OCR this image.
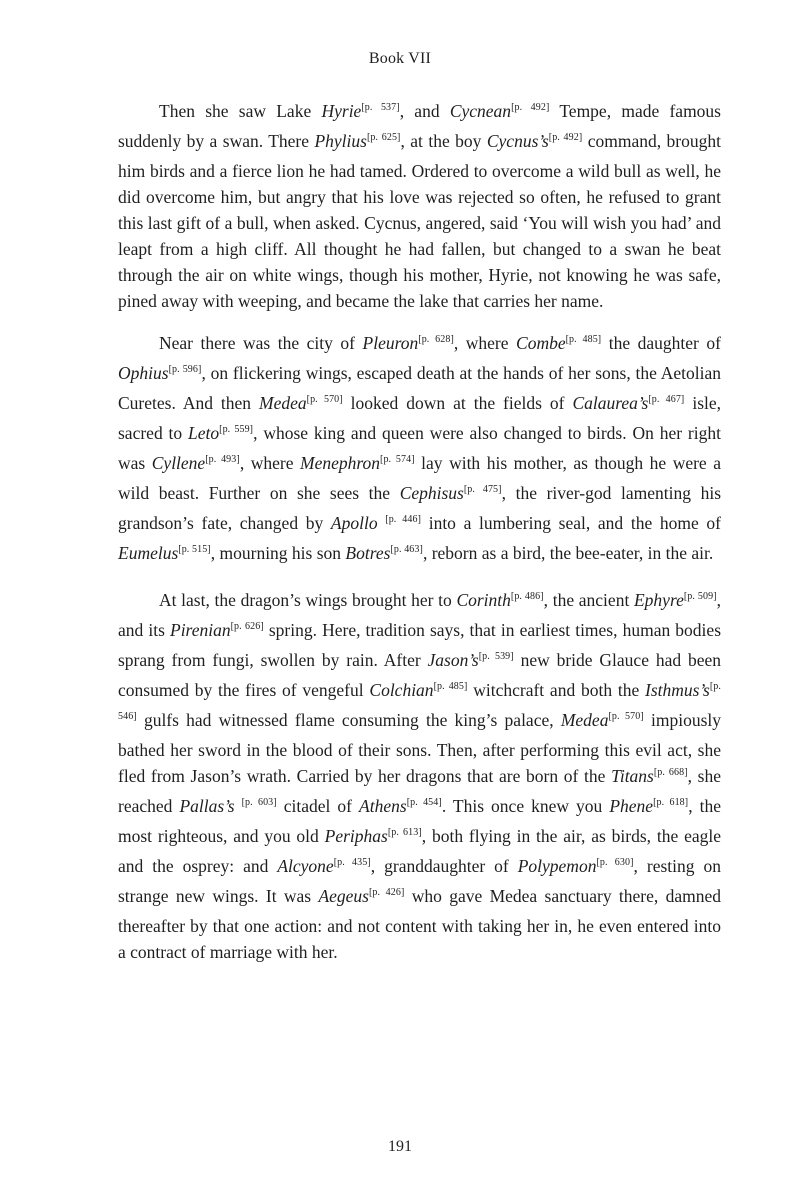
Book VII

Then she saw Lake Hyrie[p. 537], and Cycnean[p. 492] Tempe, made famous suddenly by a swan. There Phylius[p. 625], at the boy Cycnus’s[p. 492] command, brought him birds and a fierce lion he had tamed. Ordered to overcome a wild bull as well, he did overcome him, but angry that his love was rejected so often, he refused to grant this last gift of a bull, when asked. Cycnus, angered, said ‘You will wish you had’ and leapt from a high cliff. All thought he had fallen, but changed to a swan he beat through the air on white wings, though his mother, Hyrie, not knowing he was safe, pined away with weeping, and became the lake that carries her name.

Near there was the city of Pleuron[p. 628], where Combe[p. 485] the daughter of Ophius[p. 596], on flickering wings, escaped death at the hands of her sons, the Aetolian Curetes. And then Medea[p. 570] looked down at the fields of Calaurea’s[p. 467] isle, sacred to Leto[p. 559], whose king and queen were also changed to birds. On her right was Cyllene[p. 493], where Menephron[p. 574] lay with his mother, as though he were a wild beast. Further on she sees the Cephisus[p. 475], the river-god lamenting his grandson’s fate, changed by Apollo [p. 446] into a lumbering seal, and the home of Eumelus[p. 515], mourning his son Botres[p. 463], reborn as a bird, the bee-eater, in the air.

At last, the dragon’s wings brought her to Corinth[p. 486], the ancient Ephyre[p. 509], and its Pirenian[p. 626] spring. Here, tradition says, that in earliest times, human bodies sprang from fungi, swollen by rain. After Jason’s[p. 539] new bride Glauce had been consumed by the fires of vengeful Colchian[p. 485] witchcraft and both the Isthmus’s[p. 546] gulfs had witnessed flame consuming the king’s palace, Medea[p. 570] impiously bathed her sword in the blood of their sons. Then, after performing this evil act, she fled from Jason’s wrath. Carried by her dragons that are born of the Titans[p. 668], she reached Pallas’s [p. 603] citadel of Athens[p. 454]. This once knew you Phene[p. 618], the most righteous, and you old Periphas[p. 613], both flying in the air, as birds, the eagle and the osprey: and Alcyone[p. 435], granddaughter of Polypemon[p. 630], resting on strange new wings. It was Aegeus[p. 426] who gave Medea sanctuary there, damned thereafter by that one action: and not content with taking her in, he even entered into a contract of marriage with her.

191
